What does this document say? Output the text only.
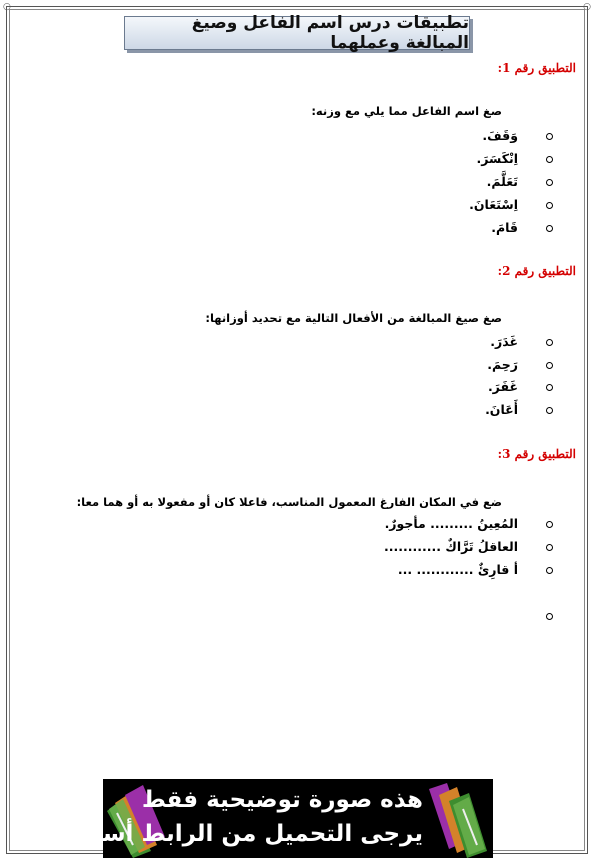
○	○
تطبيقات درس اسم الفاعل وصيغ المبالغة وعملهما
التطبيق رقم 1:
صغ اسم الفاعل مما يلي مع وزنه:
وَقَفَ.
اِنْكَسَرَ.
تَعَلَّمَ.
اِسْتَعَانَ.
قَامَ.
التطبيق رقم 2:
صغ صيغ المبالغة من الأفعال التالية مع تحديد أوزانها:
غَدَرَ.
رَحِمَ.
غَفَرَ.
أَعَانَ.
التطبيق رقم 3:
ضع في المكان الفارغ المعمول المناسب، فاعلا كان أو مفعولا به أو هما معا:
المُعِينُ ......... مأجورٌ.
العاقلُ تَرَّاكٌ ............
أ قارِئٌ ............ ...
هذه صورة توضيحية فقط
يرجى التحميل من الرابط أسفله
